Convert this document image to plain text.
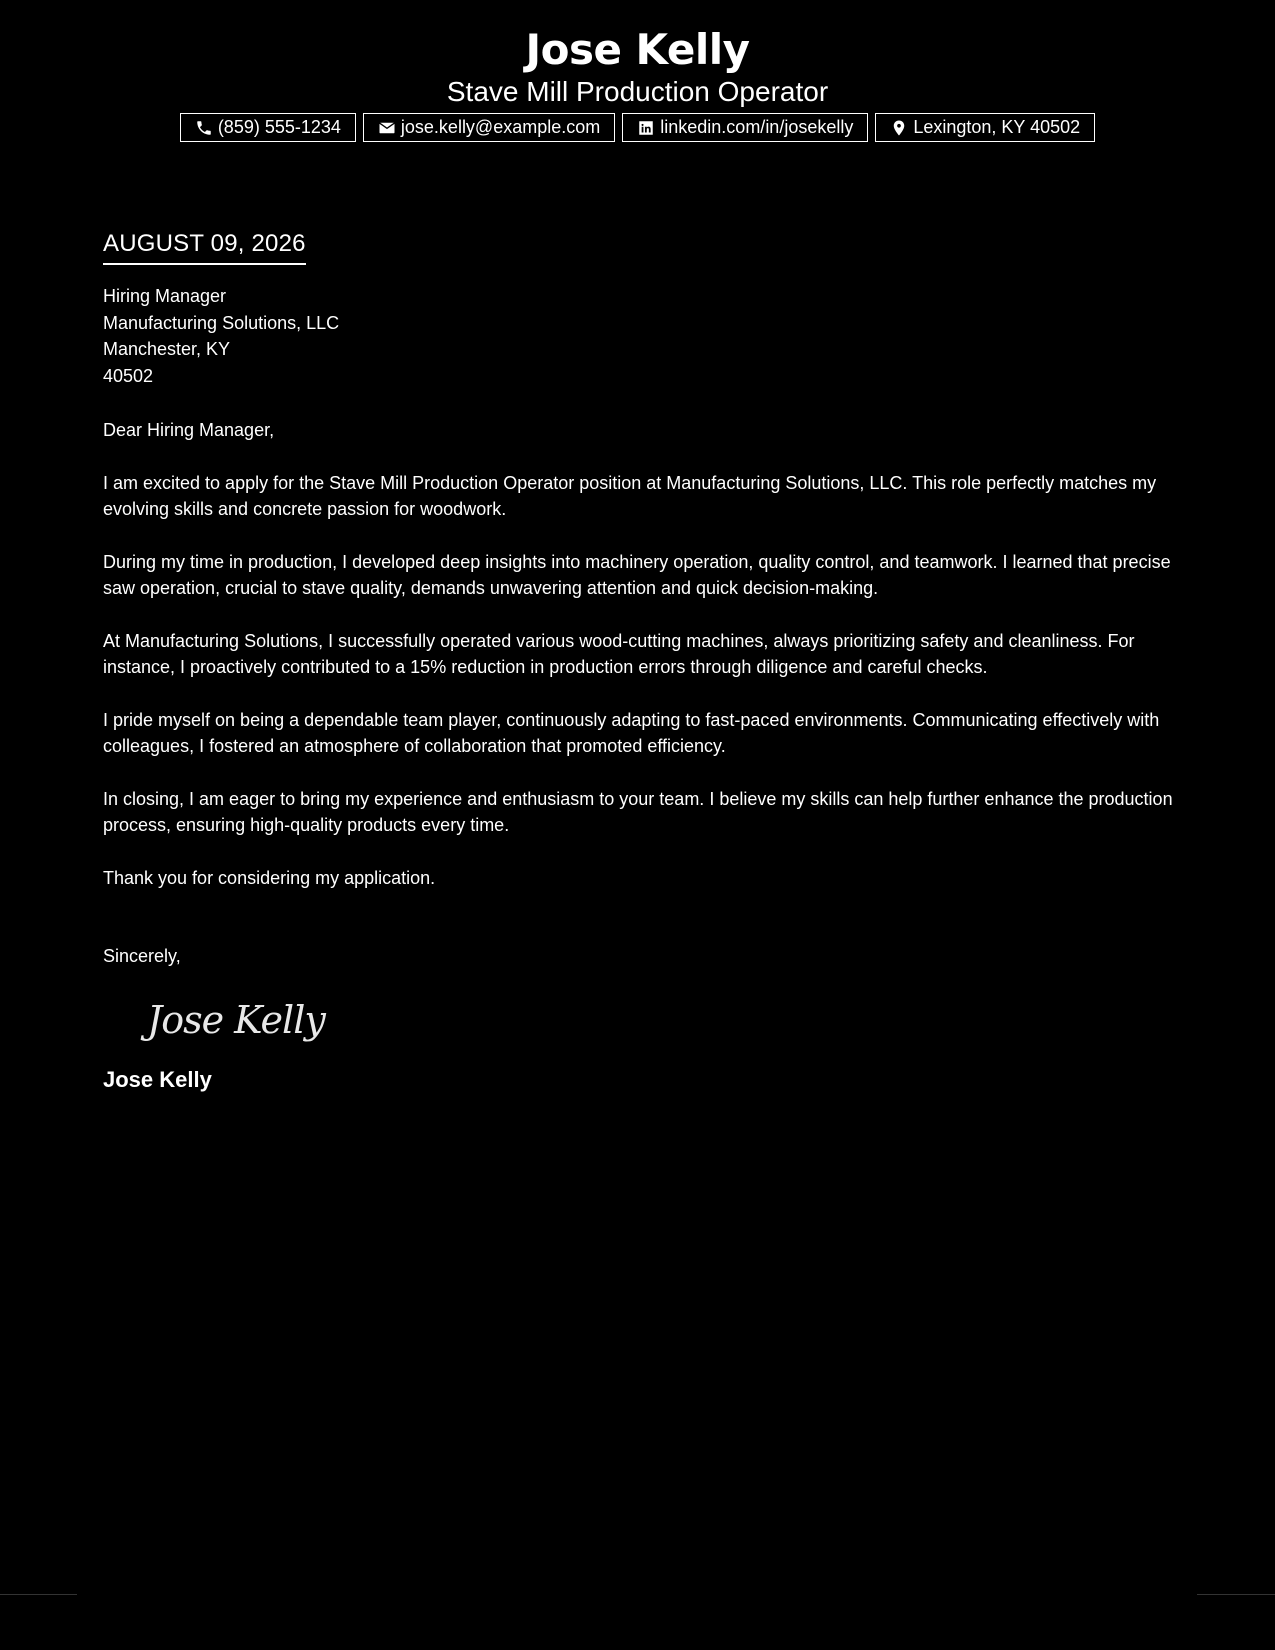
Jose Kelly
Stave Mill Production Operator
(859) 555-1234	jose.kelly@example.com	linkedin.com/in/josekelly	Lexington, KY 40502
AUGUST 09, 2026
Hiring Manager
Manufacturing Solutions, LLC
Manchester, KY
40502
Dear Hiring Manager,

I am excited to apply for the Stave Mill Production Operator position at Manufacturing Solutions, LLC. This role perfectly matches my evolving skills and concrete passion for woodwork.

During my time in production, I developed deep insights into machinery operation, quality control, and teamwork. I learned that precise saw operation, crucial to stave quality, demands unwavering attention and quick decision-making.

At Manufacturing Solutions, I successfully operated various wood-cutting machines, always prioritizing safety and cleanliness. For instance, I proactively contributed to a 15% reduction in production errors through diligence and careful checks.

I pride myself on being a dependable team player, continuously adapting to fast-paced environments. Communicating effectively with colleagues, I fostered an atmosphere of collaboration that promoted efficiency.

In closing, I am eager to bring my experience and enthusiasm to your team. I believe my skills can help further enhance the production process, ensuring high-quality products every time.

Thank you for considering my application.

Sincerely,
Jose Kelly
Jose Kelly
